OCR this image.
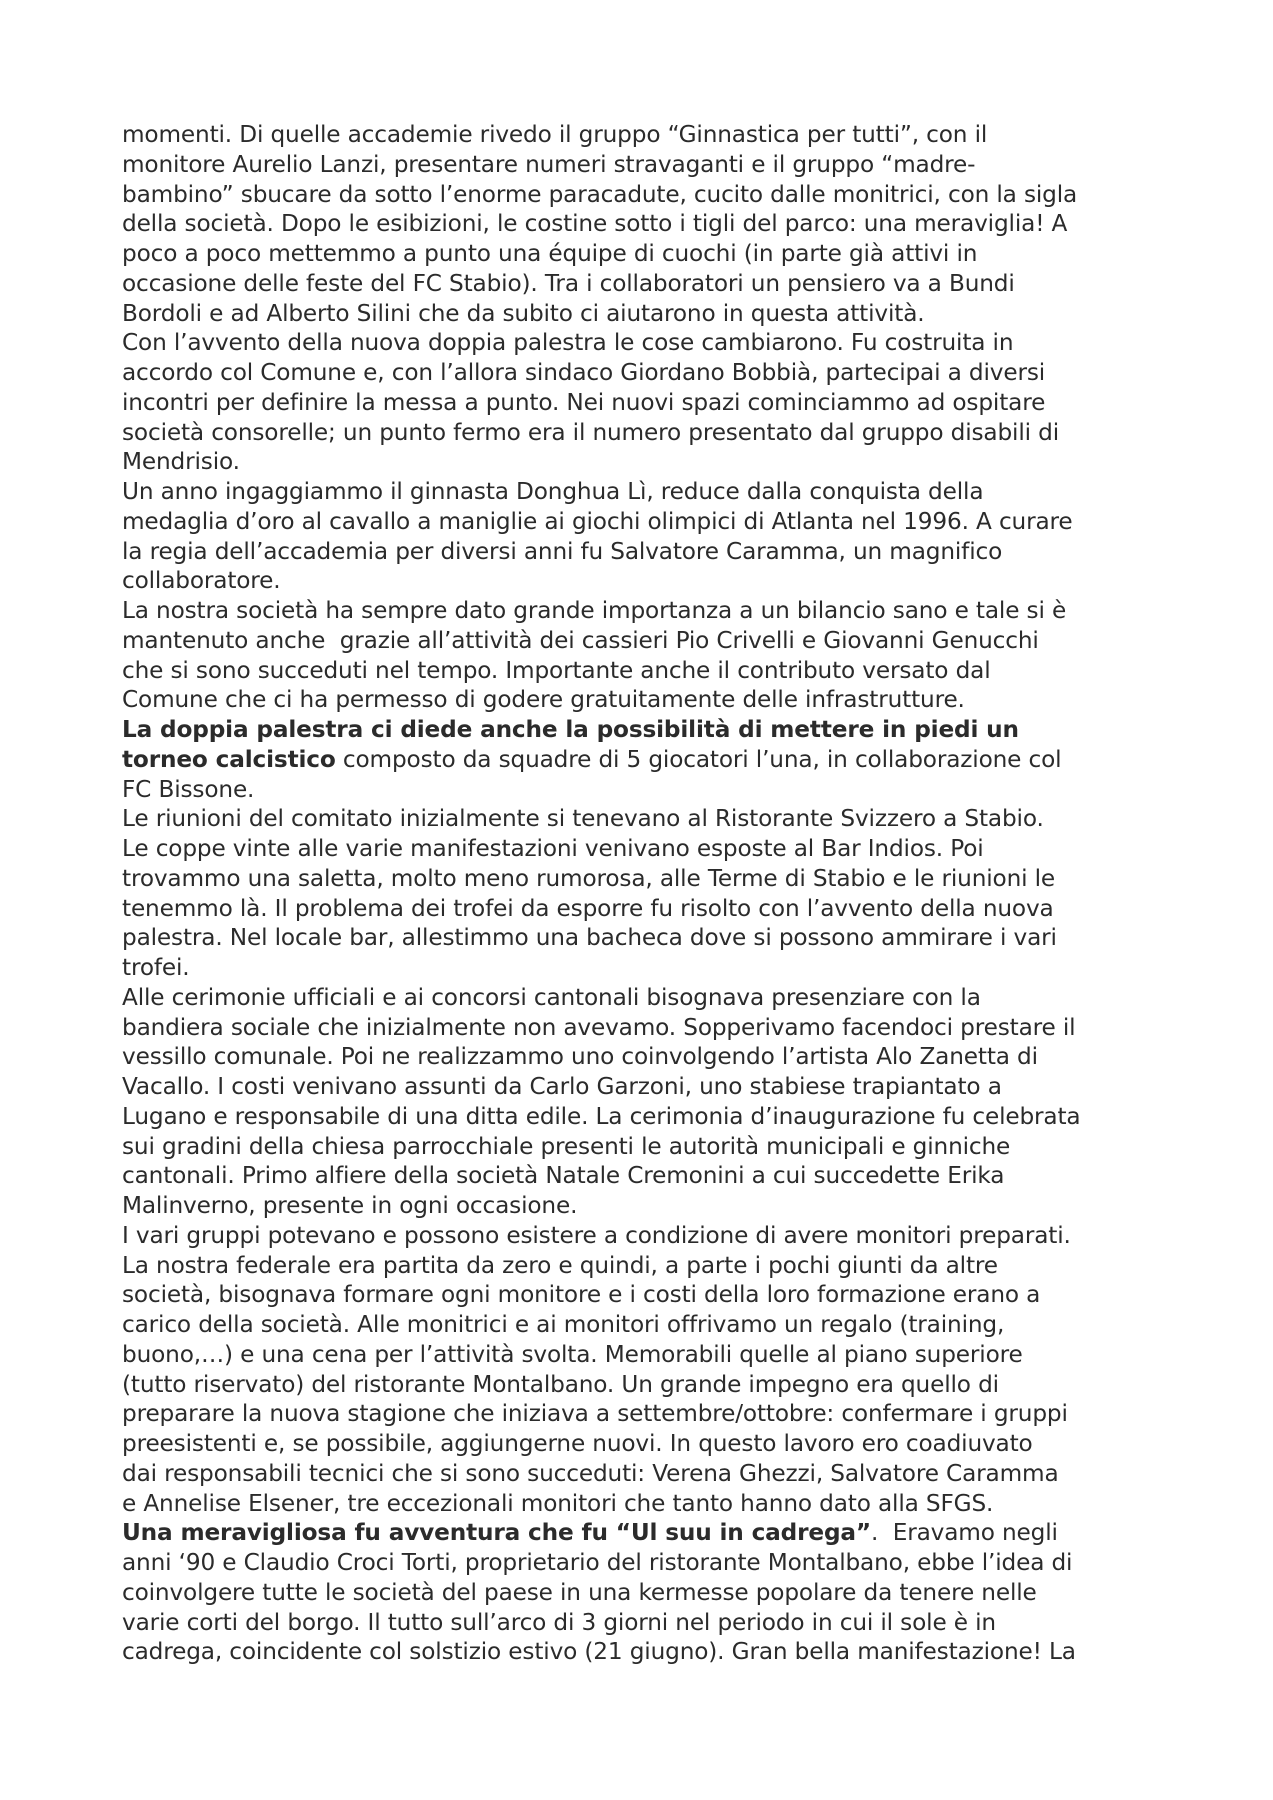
momenti. Di quelle accademie rivedo il gruppo “Ginnastica per tutti”, con il
monitore Aurelio Lanzi, presentare numeri stravaganti e il gruppo “madre-
bambino” sbucare da sotto l’enorme paracadute, cucito dalle monitrici, con la sigla
della società. Dopo le esibizioni, le costine sotto i tigli del parco: una meraviglia! A
poco a poco mettemmo a punto una équipe di cuochi (in parte già attivi in
occasione delle feste del FC Stabio). Tra i collaboratori un pensiero va a Bundi
Bordoli e ad Alberto Silini che da subito ci aiutarono in questa attività.
Con l’avvento della nuova doppia palestra le cose cambiarono. Fu costruita in
accordo col Comune e, con l’allora sindaco Giordano Bobbià, partecipai a diversi
incontri per definire la messa a punto. Nei nuovi spazi cominciammo ad ospitare
società consorelle; un punto fermo era il numero presentato dal gruppo disabili di
Mendrisio.
Un anno ingaggiammo il ginnasta Donghua Lì, reduce dalla conquista della
medaglia d’oro al cavallo a maniglie ai giochi olimpici di Atlanta nel 1996. A curare
la regia dell’accademia per diversi anni fu Salvatore Caramma, un magnifico
collaboratore.
La nostra società ha sempre dato grande importanza a un bilancio sano e tale si è
mantenuto anche  grazie all’attività dei cassieri Pio Crivelli e Giovanni Genucchi
che si sono succeduti nel tempo. Importante anche il contributo versato dal
Comune che ci ha permesso di godere gratuitamente delle infrastrutture.
La doppia palestra ci diede anche la possibilità di mettere in piedi un
torneo calcistico composto da squadre di 5 giocatori l’una, in collaborazione col
FC Bissone.
Le riunioni del comitato inizialmente si tenevano al Ristorante Svizzero a Stabio.
Le coppe vinte alle varie manifestazioni venivano esposte al Bar Indios. Poi
trovammo una saletta, molto meno rumorosa, alle Terme di Stabio e le riunioni le
tenemmo là. Il problema dei trofei da esporre fu risolto con l’avvento della nuova
palestra. Nel locale bar, allestimmo una bacheca dove si possono ammirare i vari
trofei.
Alle cerimonie ufficiali e ai concorsi cantonali bisognava presenziare con la
bandiera sociale che inizialmente non avevamo. Sopperivamo facendoci prestare il
vessillo comunale. Poi ne realizzammo uno coinvolgendo l’artista Alo Zanetta di
Vacallo. I costi venivano assunti da Carlo Garzoni, uno stabiese trapiantato a
Lugano e responsabile di una ditta edile. La cerimonia d’inaugurazione fu celebrata
sui gradini della chiesa parrocchiale presenti le autorità municipali e ginniche
cantonali. Primo alfiere della società Natale Cremonini a cui succedette Erika
Malinverno, presente in ogni occasione.
I vari gruppi potevano e possono esistere a condizione di avere monitori preparati.
La nostra federale era partita da zero e quindi, a parte i pochi giunti da altre
società, bisognava formare ogni monitore e i costi della loro formazione erano a
carico della società. Alle monitrici e ai monitori offrivamo un regalo (training,
buono,…) e una cena per l’attività svolta. Memorabili quelle al piano superiore
(tutto riservato) del ristorante Montalbano. Un grande impegno era quello di
preparare la nuova stagione che iniziava a settembre/ottobre: confermare i gruppi
preesistenti e, se possibile, aggiungerne nuovi. In questo lavoro ero coadiuvato
dai responsabili tecnici che si sono succeduti: Verena Ghezzi, Salvatore Caramma
e Annelise Elsener, tre eccezionali monitori che tanto hanno dato alla SFGS.
Una meravigliosa fu avventura che fu “Ul suu in cadrega”.  Eravamo negli
anni ‘90 e Claudio Croci Torti, proprietario del ristorante Montalbano, ebbe l’idea di
coinvolgere tutte le società del paese in una kermesse popolare da tenere nelle
varie corti del borgo. Il tutto sull’arco di 3 giorni nel periodo in cui il sole è in
cadrega, coincidente col solstizio estivo (21 giugno). Gran bella manifestazione! La
